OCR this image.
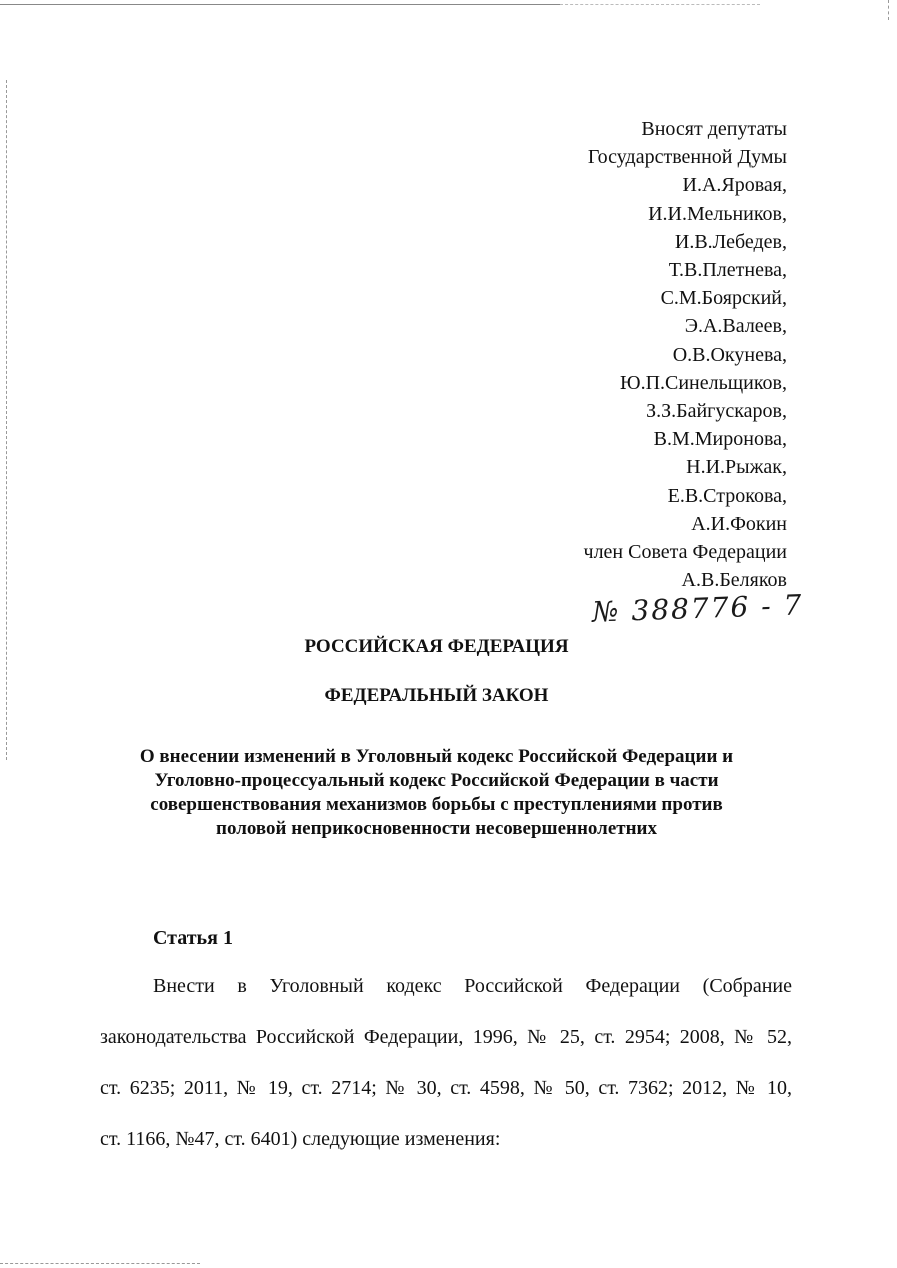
Вносят депутаты
Государственной Думы
И.А.Яровая,
И.И.Мельников,
И.В.Лебедев,
Т.В.Плетнева,
С.М.Боярский,
Э.А.Валеев,
О.В.Окунева,
Ю.П.Синельщиков,
З.З.Байгускаров,
В.М.Миронова,
Н.И.Рыжак,
Е.В.Строкова,
А.И.Фокин
член Совета Федерации
А.В.Беляков
№ 388776 - 7
РОССИЙСКАЯ ФЕДЕРАЦИЯ
ФЕДЕРАЛЬНЫЙ ЗАКОН
О внесении изменений в Уголовный кодекс Российской Федерации и
Уголовно-процессуальный кодекс Российской Федерации в части
совершенствования механизмов борьбы с преступлениями против
половой неприкосновенности несовершеннолетних
Статья 1
Внести в Уголовный кодекс Российской Федерации (Собрание
законодательства Российской Федерации, 1996, № 25, ст. 2954; 2008, № 52,
ст. 6235; 2011, № 19, ст. 2714; № 30, ст. 4598, № 50, ст. 7362; 2012, № 10,
ст. 1166, №47, ст. 6401) следующие изменения:
